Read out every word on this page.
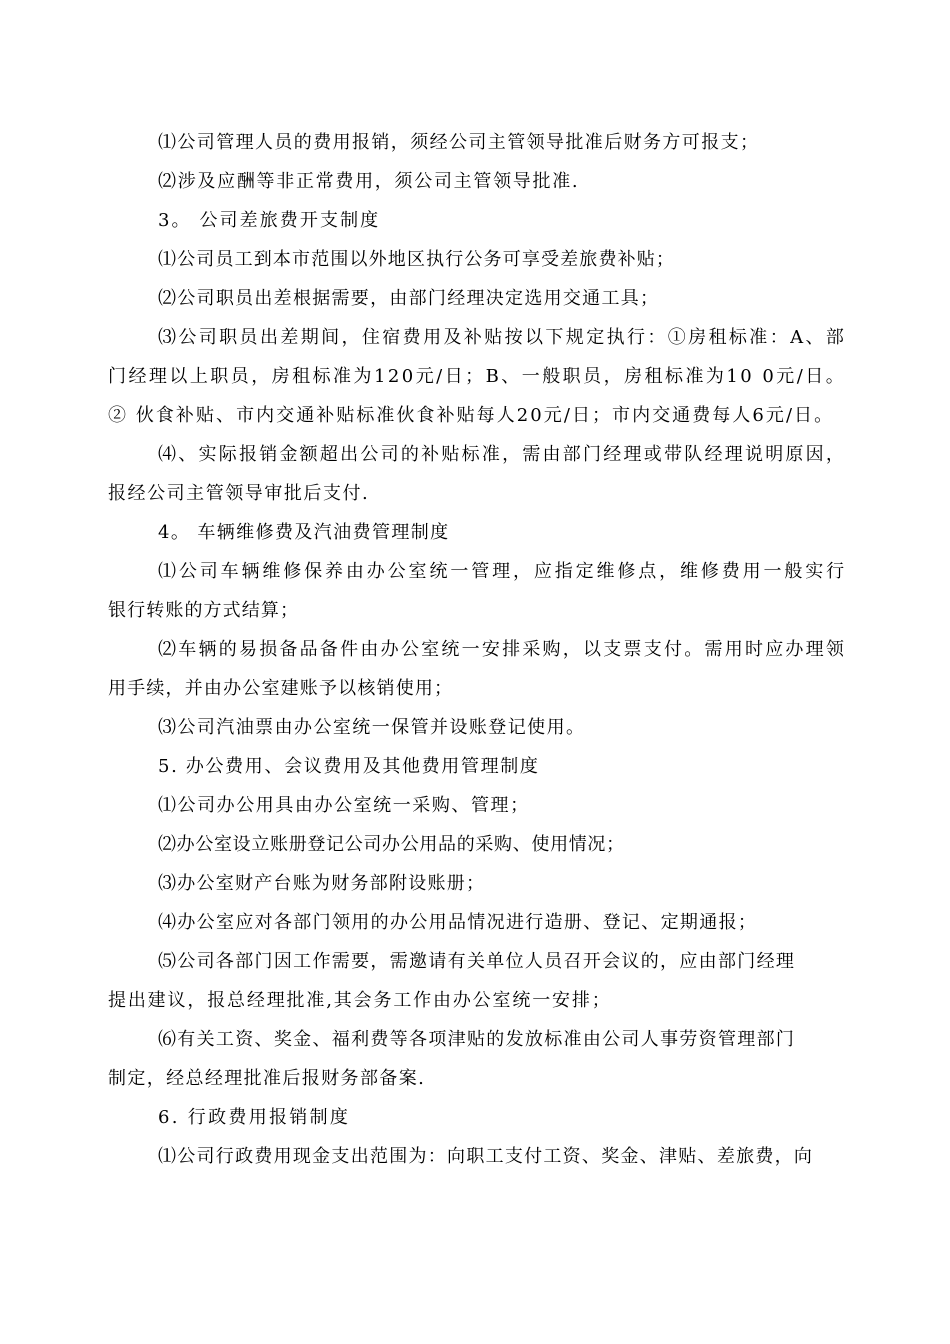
⑴公司管理人员的费用报销，须经公司主管领导批准后财务方可报支；
⑵涉及应酬等非正常费用，须公司主管领导批准.
3。 公司差旅费开支制度
⑴公司员工到本市范围以外地区执行公务可享受差旅费补贴；
⑵公司职员出差根据需要，由部门经理决定选用交通工具；
⑶公司职员出差期间，住宿费用及补贴按以下规定执行：①房租标准：A、部
门经理以上职员，房租标准为120元/日；B、一般职员，房租标准为10 0元/日。
② 伙食补贴、市内交通补贴标准伙食补贴每人20元/日；市内交通费每人6元/日。
⑷、实际报销金额超出公司的补贴标准，需由部门经理或带队经理说明原因，
报经公司主管领导审批后支付.
4。 车辆维修费及汽油费管理制度
⑴公司车辆维修保养由办公室统一管理，应指定维修点，维修费用一般实行
银行转账的方式结算；
⑵车辆的易损备品备件由办公室统一安排采购，以支票支付。需用时应办理领
用手续，并由办公室建账予以核销使用；
⑶公司汽油票由办公室统一保管并设账登记使用。
5. 办公费用、会议费用及其他费用管理制度
⑴公司办公用具由办公室统一采购、管理；
⑵办公室设立账册登记公司办公用品的采购、使用情况；
⑶办公室财产台账为财务部附设账册；
⑷办公室应对各部门领用的办公用品情况进行造册、登记、定期通报；
⑸公司各部门因工作需要，需邀请有关单位人员召开会议的，应由部门经理
提出建议，报总经理批准,其会务工作由办公室统一安排；
⑹有关工资、奖金、福利费等各项津贴的发放标准由公司人事劳资管理部门
制定，经总经理批准后报财务部备案.
6. 行政费用报销制度
⑴公司行政费用现金支出范围为：向职工支付工资、奖金、津贴、差旅费，向
